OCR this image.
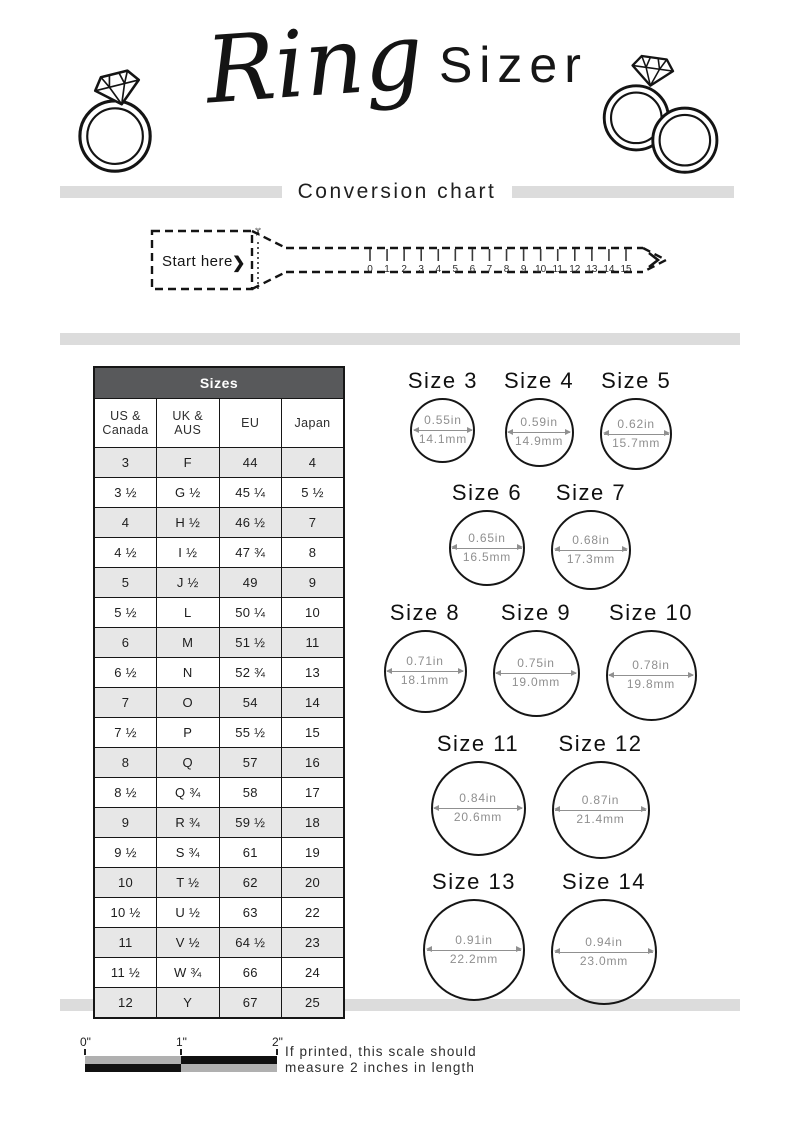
Ring Sizer
Conversion chart
✂
Start here ❯	0 1 2 3 4 5 6 7 8 9 10 11 12 13 14 15
Sizes			
US & Canada	UK & AUS	EU	Japan
3	F	44	4
3 ½	G ½	45 ¼	5 ½
4	H ½	46 ½	7
4 ½	I ½	47 ¾	8
5	J ½	49	9
5 ½	L	50 ¼	10
6	M	51 ½	11
6 ½	N	52 ¾	13
7	O	54	14
7 ½	P	55 ½	15
8	Q	57	16
8 ½	Q ¾	58	17
9	R ¾	59 ½	18
9 ½	S ¾	61	19
10	T ½	62	20
10 ½	U ½	63	22
11	V ½	64 ½	23
11 ½	W ¾	66	24
12	Y	67	25
Size 3
0.55in
14.1mm
Size 4
0.59in
14.9mm
Size 5
0.62in
15.7mm
Size 6
0.65in
16.5mm
Size 7
0.68in
17.3mm
Size 8
0.71in
18.1mm
Size 9
0.75in
19.0mm
Size 10
0.78in
19.8mm
Size 11
0.84in
20.6mm
Size 12
0.87in
21.4mm
Size 13
0.91in
22.2mm
Size 14
0.94in
23.0mm
0"	1"	2"
If printed, this scale should
measure 2 inches in length
